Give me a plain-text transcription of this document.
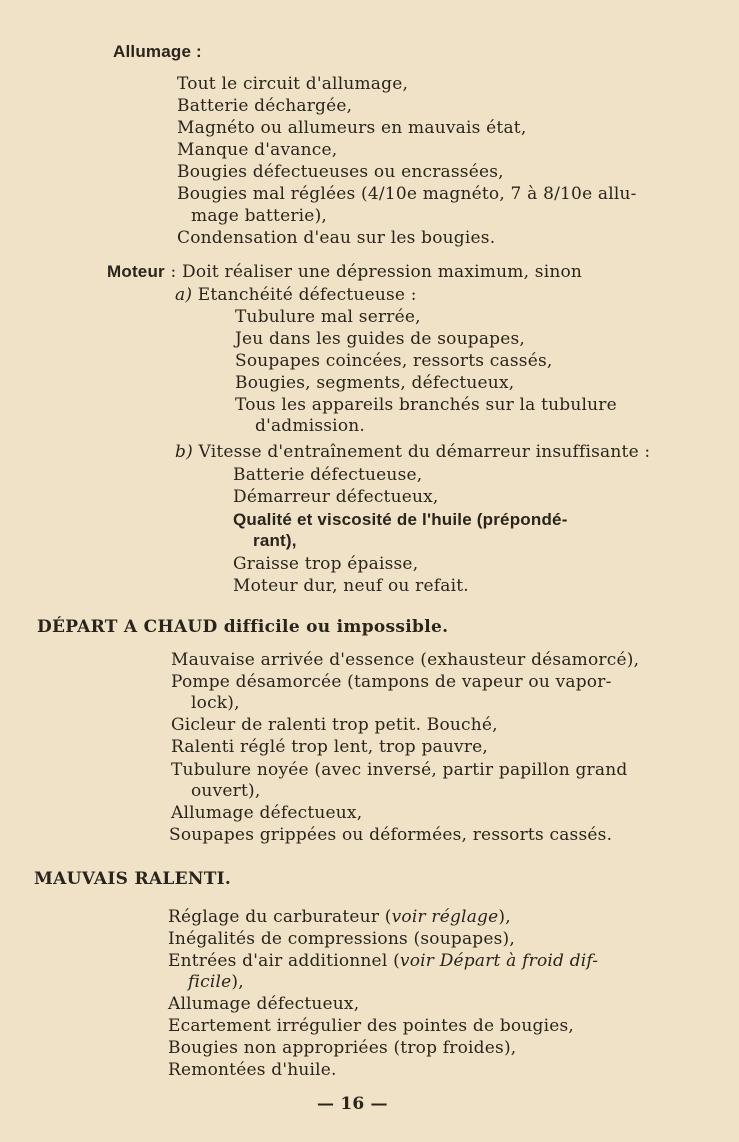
Allumage :
Tout le circuit d'allumage,
Batterie déchargée,
Magnéto ou allumeurs en mauvais état,
Manque d'avance,
Bougies défectueuses ou encrassées,
Bougies mal réglées (4/10e magnéto, 7 à 8/10e allu-
mage batterie),
Condensation d'eau sur les bougies.
Moteur : Doit réaliser une dépression maximum, sinon
a) Etanchéité défectueuse :
Tubulure mal serrée,
Jeu dans les guides de soupapes,
Soupapes coincées, ressorts cassés,
Bougies, segments, défectueux,
Tous les appareils branchés sur la tubulure
d'admission.
b) Vitesse d'entraînement du démarreur insuffisante :
Batterie défectueuse,
Démarreur défectueux,
Qualité et viscosité de l'huile (prépondé-
rant),
Graisse trop épaisse,
Moteur dur, neuf ou refait.
DÉPART A CHAUD difficile ou impossible.
Mauvaise arrivée d'essence (exhausteur désamorcé),
Pompe désamorcée (tampons de vapeur ou vapor-
lock),
Gicleur de ralenti trop petit. Bouché,
Ralenti réglé trop lent, trop pauvre,
Tubulure noyée (avec inversé, partir papillon grand
ouvert),
Allumage défectueux,
Soupapes grippées ou déformées, ressorts cassés.
MAUVAIS RALENTI.
Réglage du carburateur (voir réglage),
Inégalités de compressions (soupapes),
Entrées d'air additionnel (voir Départ à froid dif-
ficile),
Allumage défectueux,
Ecartement irrégulier des pointes de bougies,
Bougies non appropriées (trop froides),
Remontées d'huile.
— 16 —
